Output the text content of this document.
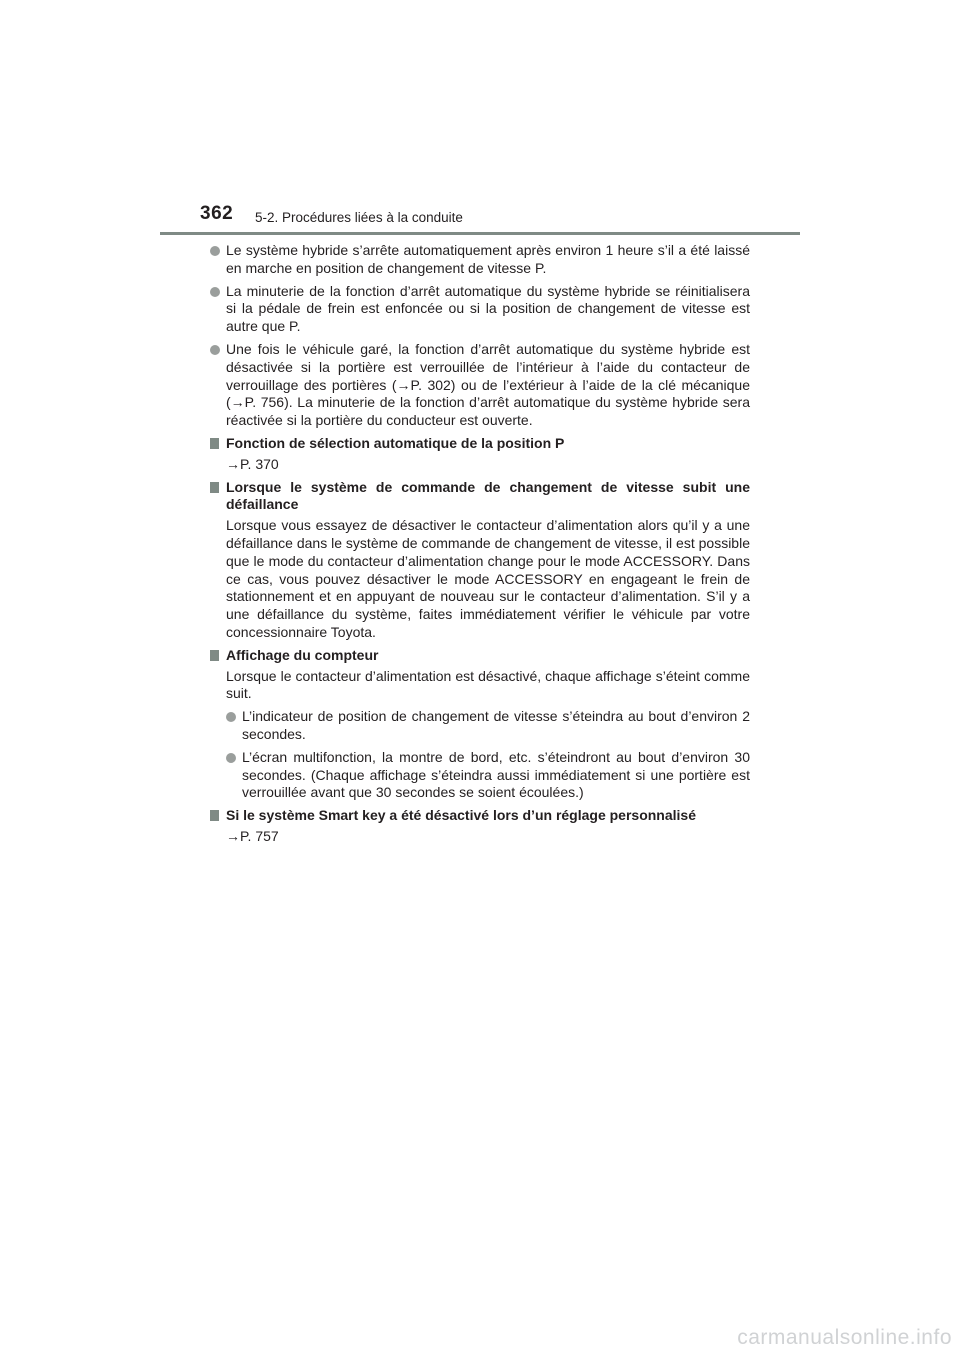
362 5-2. Procédures liées à la conduite
Le système hybride s’arrête automatiquement après environ 1 heure s’il a été laissé en marche en position de changement de vitesse P.
La minuterie de la fonction d’arrêt automatique du système hybride se réinitialisera si la pédale de frein est enfoncée ou si la position de changement de vitesse est autre que P.
Une fois le véhicule garé, la fonction d’arrêt automatique du système hybride est désactivée si la portière est verrouillée de l’intérieur à l’aide du contacteur de verrouillage des portières (→P. 302) ou de l’extérieur à l’aide de la clé mécanique (→P. 756). La minuterie de la fonction d’arrêt automatique du système hybride sera réactivée si la portière du conducteur est ouverte.
Fonction de sélection automatique de la position P
→P. 370
Lorsque le système de commande de changement de vitesse subit une défaillance
Lorsque vous essayez de désactiver le contacteur d’alimentation alors qu’il y a une défaillance dans le système de commande de changement de vitesse, il est possible que le mode du contacteur d’alimentation change pour le mode ACCESSORY. Dans ce cas, vous pouvez désactiver le mode ACCESSORY en engageant le frein de stationnement et en appuyant de nouveau sur le contacteur d’alimentation. S’il y a une défaillance du système, faites immédiatement vérifier le véhicule par votre concessionnaire Toyota.
Affichage du compteur
Lorsque le contacteur d’alimentation est désactivé, chaque affichage s’éteint comme suit.
L’indicateur de position de changement de vitesse s’éteindra au bout d’environ 2 secondes.
L’écran multifonction, la montre de bord, etc. s’éteindront au bout d’environ 30 secondes. (Chaque affichage s’éteindra aussi immédiatement si une portière est verrouillée avant que 30 secondes se soient écoulées.)
Si le système Smart key a été désactivé lors d’un réglage personnalisé
→P. 757
carmanualsonline.info
